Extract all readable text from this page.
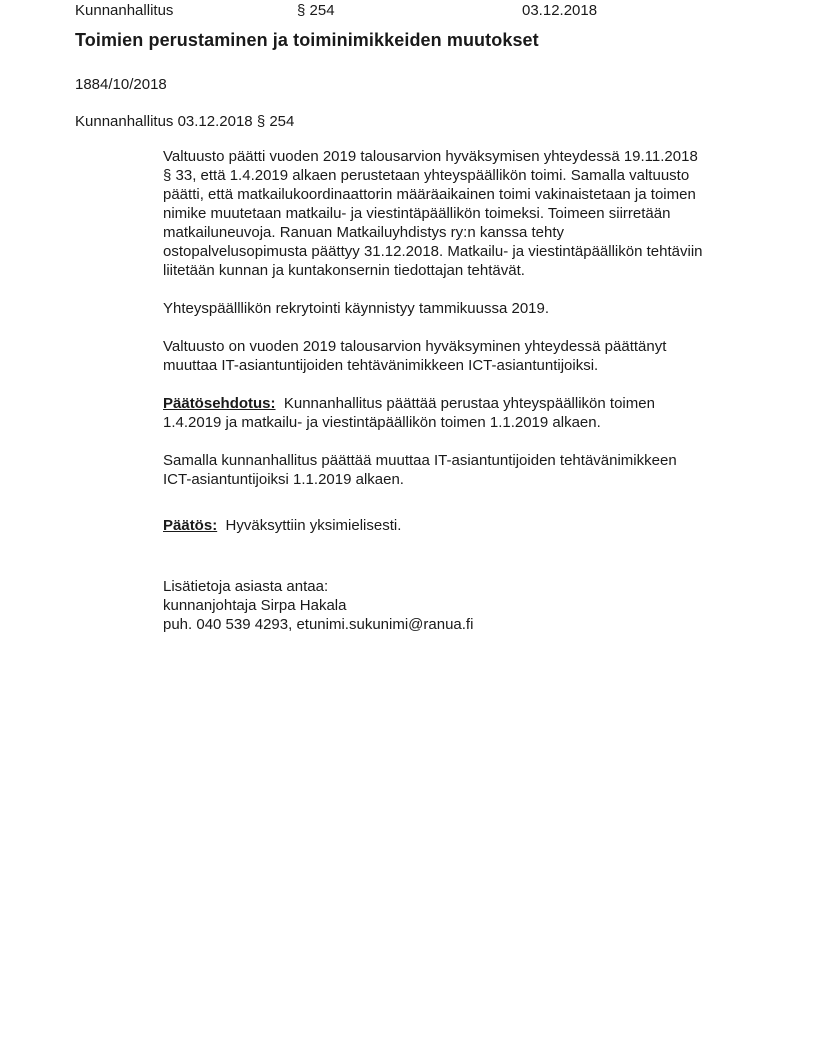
Kunnanhallitus	§ 254	03.12.2018
Toimien perustaminen ja toiminimikkeiden muutokset
1884/10/2018
Kunnanhallitus 03.12.2018 § 254
Valtuusto päätti vuoden 2019 talousarvion hyväksymisen yhteydessä 19.11.2018
§ 33, että 1.4.2019 alkaen perustetaan yhteyspäällikön toimi. Samalla valtuusto
päätti, että matkailukoordinaattorin määräaikainen toimi vakinaistetaan ja toimen
nimike muutetaan matkailu- ja viestintäpäällikön toimeksi. Toimeen siirretään
matkailuneuvoja. Ranuan Matkailuyhdistys ry:n kanssa tehty
ostopalvelusopimusta päättyy 31.12.2018. Matkailu- ja viestintäpäällikön tehtäviin
liitetään kunnan ja kuntakonsernin tiedottajan tehtävät.
Yhteyspäälllikön rekrytointi käynnistyy tammikuussa 2019.
Valtuusto on vuoden 2019 talousarvion hyväksyminen yhteydessä päättänyt
muuttaa IT-asiantuntijoiden tehtävänimikkeen ICT-asiantuntijoiksi.
Päätösehdotus:  Kunnanhallitus päättää perustaa yhteyspäällikön toimen
1.4.2019 ja matkailu- ja viestintäpäällikön toimen 1.1.2019 alkaen.
Samalla kunnanhallitus päättää muuttaa IT-asiantuntijoiden tehtävänimikkeen
ICT-asiantuntijoiksi 1.1.2019 alkaen.
Päätös:  Hyväksyttiin yksimielisesti.
Lisätietoja asiasta antaa:
kunnanjohtaja Sirpa Hakala
puh. 040 539 4293, etunimi.sukunimi@ranua.fi
